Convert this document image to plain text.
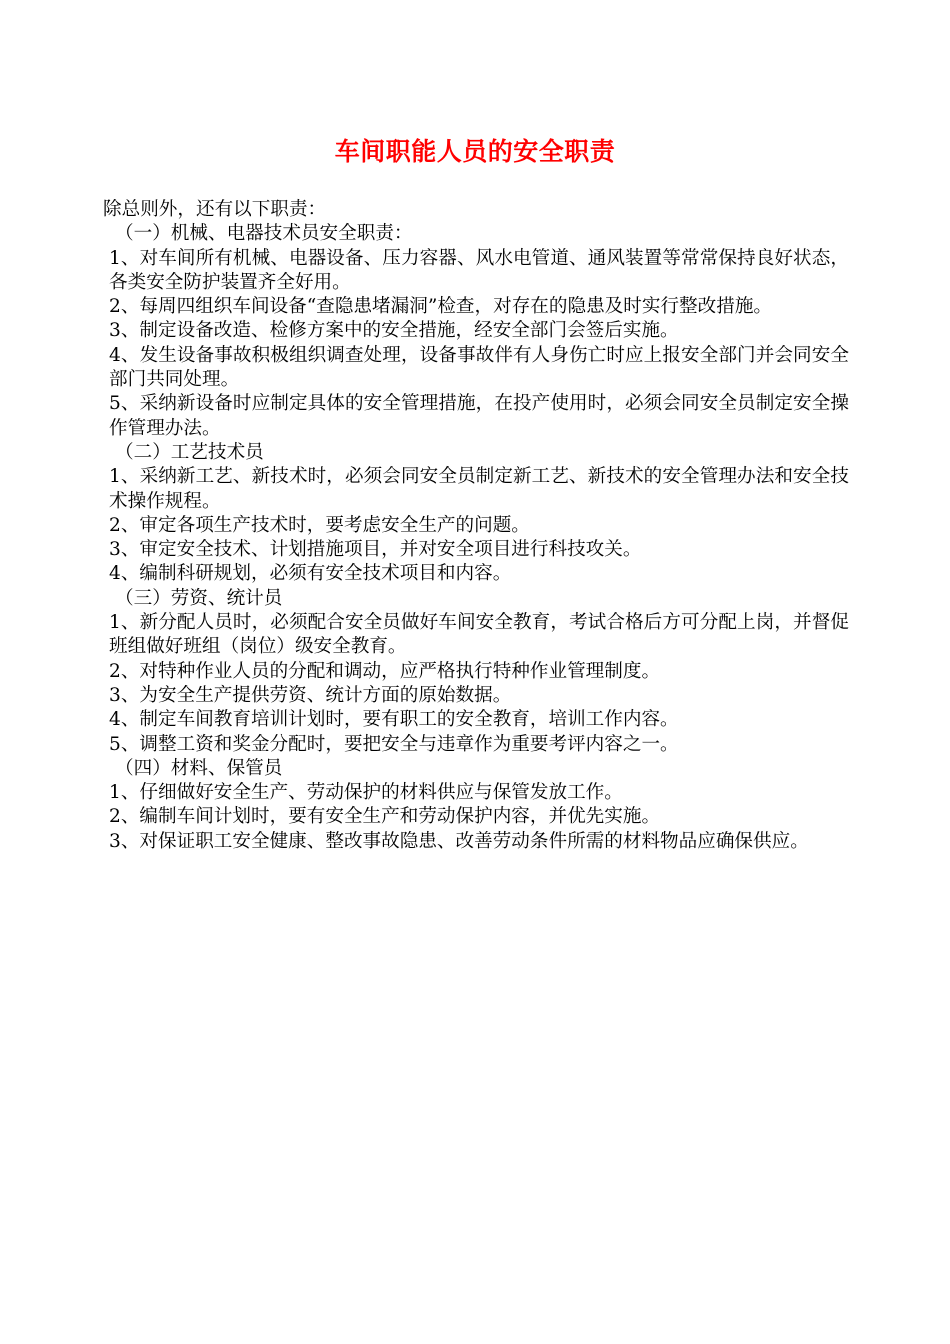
车间职能人员的安全职责
除总则外，还有以下职责：
（一）机械、电器技术员安全职责：
1、对车间所有机械、电器设备、压力容器、风水电管道、通风装置等常常保持良好状态，各类安全防护装置齐全好用。
2、每周四组织车间设备“查隐患堵漏洞”检查，对存在的隐患及时实行整改措施。
3、制定设备改造、检修方案中的安全措施，经安全部门会签后实施。
4、发生设备事故积极组织调查处理，设备事故伴有人身伤亡时应上报安全部门并会同安全部门共同处理。
5、采纳新设备时应制定具体的安全管理措施，在投产使用时，必须会同安全员制定安全操作管理办法。
（二）工艺技术员
1、采纳新工艺、新技术时，必须会同安全员制定新工艺、新技术的安全管理办法和安全技术操作规程。
2、审定各项生产技术时，要考虑安全生产的问题。
3、审定安全技术、计划措施项目，并对安全项目进行科技攻关。
4、编制科研规划，必须有安全技术项目和内容。
（三）劳资、统计员
1、新分配人员时，必须配合安全员做好车间安全教育，考试合格后方可分配上岗，并督促班组做好班组（岗位）级安全教育。
2、对特种作业人员的分配和调动，应严格执行特种作业管理制度。
3、为安全生产提供劳资、统计方面的原始数据。
4、制定车间教育培训计划时，要有职工的安全教育，培训工作内容。
5、调整工资和奖金分配时，要把安全与违章作为重要考评内容之一。
（四）材料、保管员
1、仔细做好安全生产、劳动保护的材料供应与保管发放工作。
2、编制车间计划时，要有安全生产和劳动保护内容，并优先实施。
3、对保证职工安全健康、整改事故隐患、改善劳动条件所需的材料物品应确保供应。
